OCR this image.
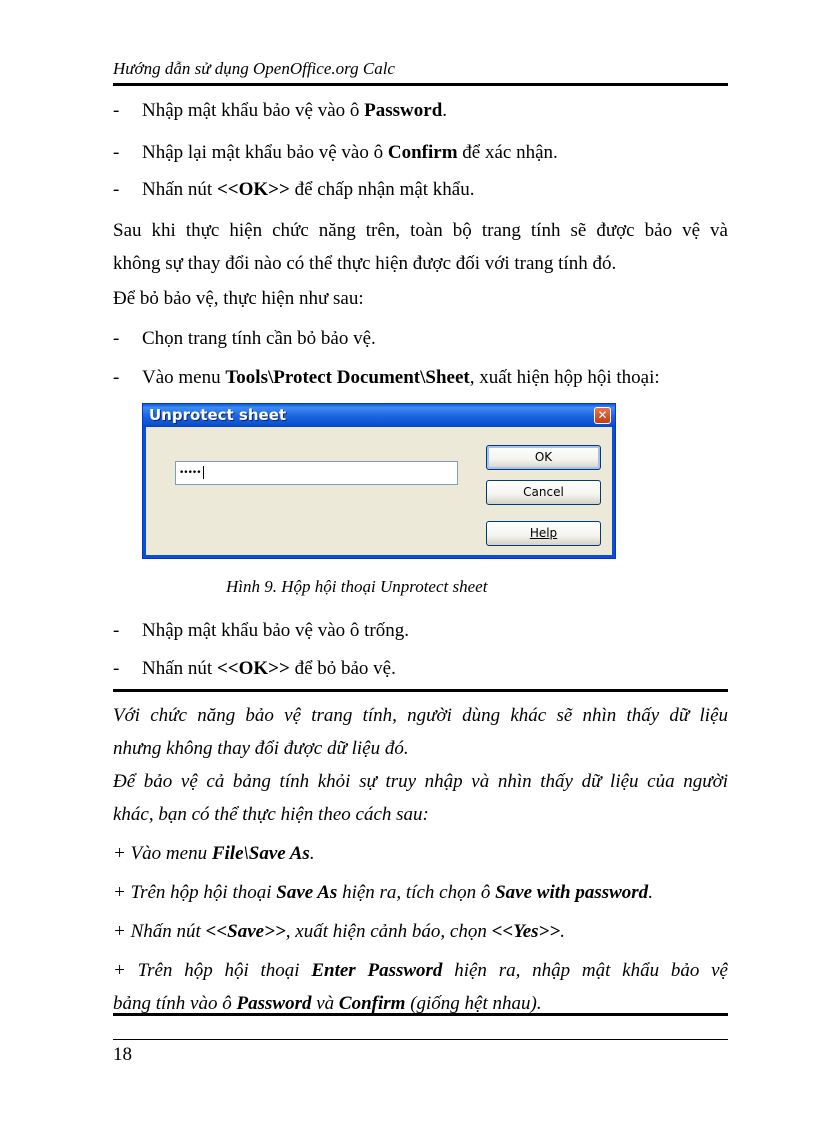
Hướng dẫn sử dụng OpenOffice.org Calc
- Nhập mật khẩu bảo vệ vào ô Password.
- Nhập lại mật khẩu bảo vệ vào ô Confirm để xác nhận.
- Nhấn nút <<OK>> để chấp nhận mật khẩu.
Sau khi thực hiện chức năng trên, toàn bộ trang tính sẽ được bảo vệ và
không sự thay đổi nào có thể thực hiện được đối với trang tính đó.
Để bỏ bảo vệ, thực hiện như sau:
- Chọn trang tính cần bỏ bảo vệ.
- Vào menu Tools\Protect Document\Sheet, xuất hiện hộp hội thoại:
- Nhập mật khẩu bảo vệ vào ô trống.
- Nhấn nút <<OK>> để bỏ bảo vệ.
Với chức năng bảo vệ trang tính, người dùng khác sẽ nhìn thấy dữ liệu
nhưng không thay đổi được dữ liệu đó.
Để bảo vệ cả bảng tính khỏi sự truy nhập và nhìn thấy dữ liệu của người
khác, bạn có thể thực hiện theo cách sau:
+ Vào menu File\Save As.
+ Trên hộp hội thoại Save As hiện ra, tích chọn ô Save with password.
+ Nhấn nút <<Save>>, xuất hiện cảnh báo, chọn <<Yes>>.
+ Trên hộp hội thoại Enter Password hiện ra, nhập mật khẩu bảo vệ
bảng tính vào ô Password và Confirm (giống hệt nhau).
18
Unprotect sheet	✕
•••••
OK
Cancel
Help
Hình 9. Hộp hội thoại Unprotect sheet
